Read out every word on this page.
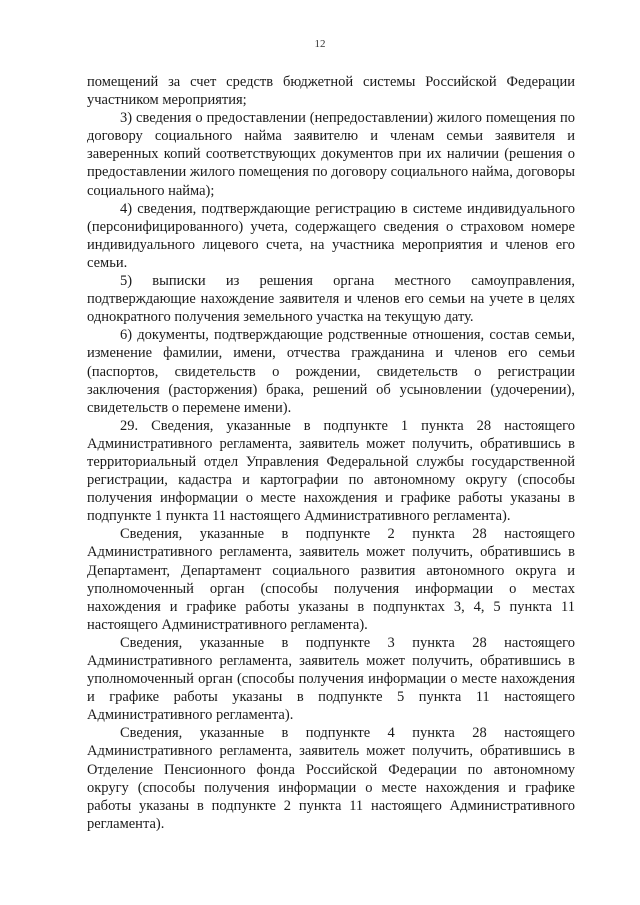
12

помещений за счет средств бюджетной системы Российской Федерации участником мероприятия;

3) сведения о предоставлении (непредоставлении) жилого помещения по договору социального найма заявителю и членам семьи заявителя и заверенных копий соответствующих документов при их наличии (решения о предоставлении жилого помещения по договору социального найма, договоры социального найма);

4) сведения, подтверждающие регистрацию в системе индивидуального (персонифицированного) учета, содержащего сведения о страховом номере индивидуального лицевого счета, на участника мероприятия и членов его семьи.

5) выписки из решения органа местного самоуправления, подтверждающие нахождение заявителя и членов его семьи на учете в целях однократного получения земельного участка на текущую дату.

6) документы, подтверждающие родственные отношения, состав семьи, изменение фамилии, имени, отчества гражданина и членов его семьи (паспортов, свидетельств о рождении, свидетельств о регистрации заключения (расторжения) брака, решений об усыновлении (удочерении), свидетельств о перемене имени).

29. Сведения, указанные в подпункте 1 пункта 28 настоящего Административного регламента, заявитель может получить, обратившись в территориальный отдел Управления Федеральной службы государственной регистрации, кадастра и картографии по автономному округу (способы получения информации о месте нахождения и графике работы указаны в подпункте 1 пункта 11 настоящего Административного регламента).

Сведения, указанные в подпункте 2 пункта 28 настоящего Административного регламента, заявитель может получить, обратившись в Департамент, Департамент социального развития автономного округа и уполномоченный орган (способы получения информации о местах нахождения и графике работы указаны в подпунктах 3, 4, 5 пункта 11 настоящего Административного регламента).

Сведения, указанные в подпункте 3 пункта 28 настоящего Административного регламента, заявитель может получить, обратившись в уполномоченный орган (способы получения информации о месте нахождения и графике работы указаны в подпункте 5 пункта 11 настоящего Административного регламента).

Сведения, указанные в подпункте 4 пункта 28 настоящего Административного регламента, заявитель может получить, обратившись в Отделение Пенсионного фонда Российской Федерации по автономному округу (способы получения информации о месте нахождения и графике работы указаны в подпункте 2 пункта 11 настоящего Административного регламента).
